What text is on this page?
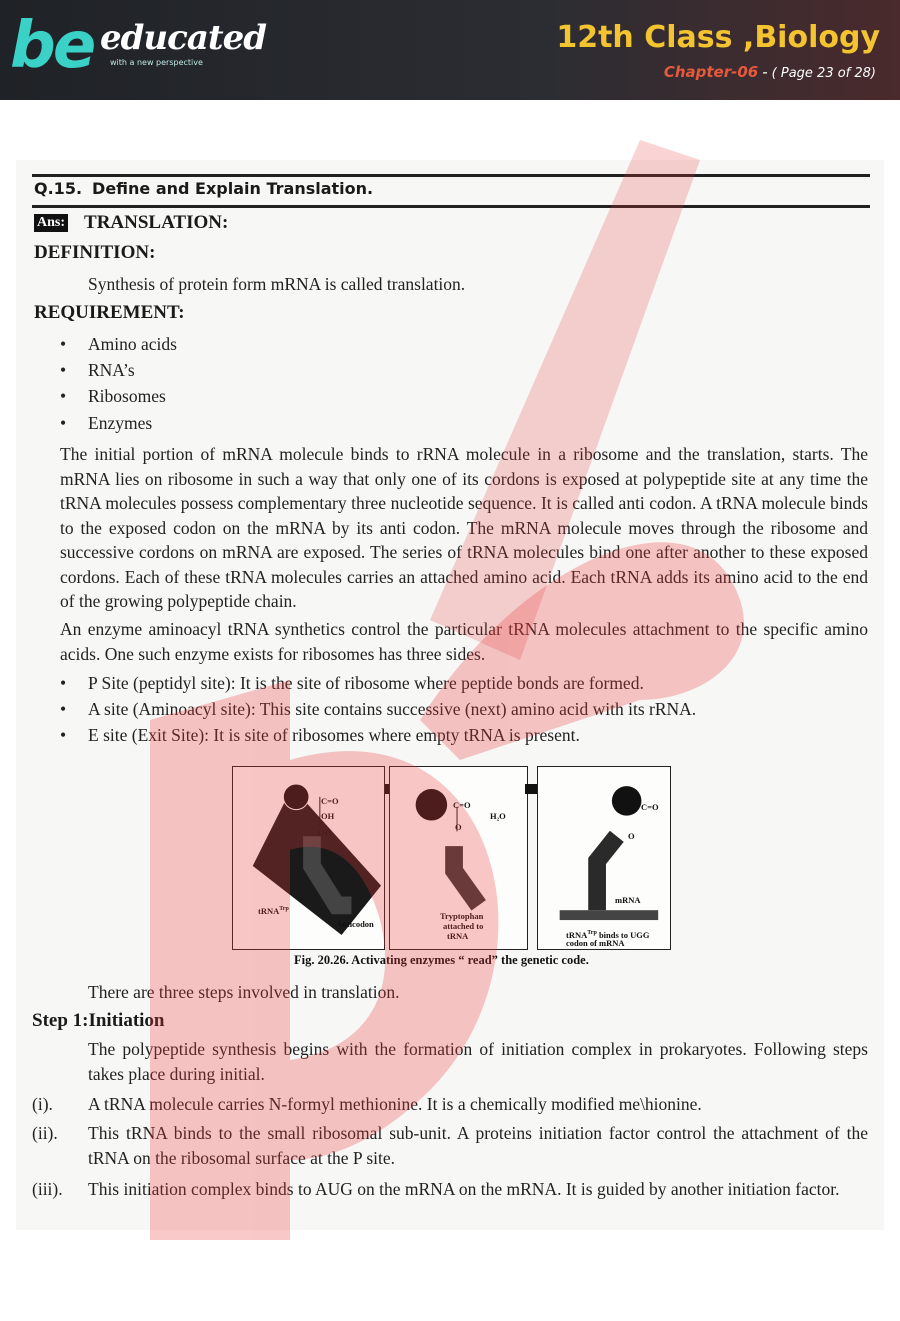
be educated
with a new perspective
12th Class ,Biology
Chapter-06 - ( Page 23 of 28)
Q.15. Define and Explain Translation.
Ans: TRANSLATION:
DEFINITION:
Synthesis of protein form mRNA is called translation.
REQUIREMENT:
• Amino acids
• RNA’s
• Ribosomes
• Enzymes
The initial portion of mRNA molecule binds to rRNA molecule in a ribosome and the translation, starts. The mRNA lies on ribosome in such a way that only one of its cordons is exposed at polypeptide site at any time the tRNA molecules possess complementary three nucleotide sequence. It is called anti codon. A tRNA molecule binds to the exposed codon on the mRNA by its anti codon. The mRNA molecule moves through the ribosome and successive cordons on mRNA are exposed. The series of tRNA molecules bind one after another to these exposed cordons. Each of these tRNA molecules carries an attached amino acid. Each tRNA adds its amino acid to the end of the growing polypeptide chain.
An enzyme aminoacyl tRNA synthetics control the particular tRNA molecules attachment to the specific amino acids. One such enzyme exists for ribosomes has three sides.
• P Site (peptidyl site): It is the site of ribosome where peptide bonds are formed.
• A site (Aminoacyl site): This site contains successive (next) amino acid with its rRNA.
• E site (Exit Site): It is site of ribosomes where empty tRNA is present.
C=O
OH
OH
tRNA$^{Trp}$
Anticodon
C=O
O
H₂O
Tryptophan
attached to
tRNA
C=O
O
mRNA
tRNA$^{Trp}$ binds to UGG
codon of mRNA
Fig. 20.26. Activating enzymes “ read” the genetic code.
There are three steps involved in translation.
Step 1:Initiation
The polypeptide synthesis begins with the formation of initiation complex in prokaryotes. Following steps takes place during initial.
(i). A tRNA molecule carries N-formyl methionine. It is a chemically modified me\hionine.
(ii). This tRNA binds to the small ribosomal sub-unit. A proteins initiation factor control the attachment of the tRNA on the ribosomal surface at the P site.
(iii). This initiation complex binds to AUG on the mRNA on the mRNA. It is guided by another initiation factor.
